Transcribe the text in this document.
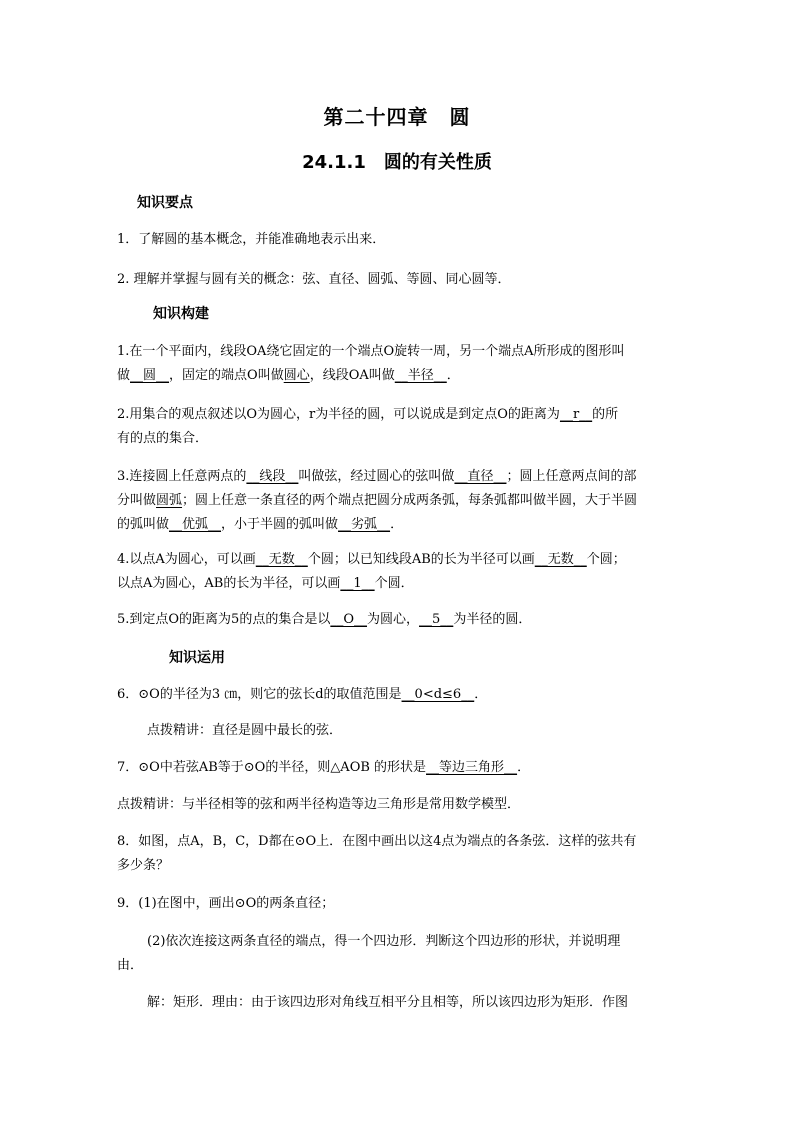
第二十四章　圆
24.1.1　圆的有关性质
知识要点
1．了解圆的基本概念，并能准确地表示出来．
2. 理解并掌握与圆有关的概念：弦、直径、圆弧、等圆、同心圆等．
知识构建
1.在一个平面内，线段OA绕它固定的一个端点O旋转一周，另一个端点A所形成的图形叫
做__圆__，固定的端点O叫做圆心，线段OA叫做__半径__．
2.用集合的观点叙述以O为圆心，r为半径的圆，可以说成是到定点O的距离为__r__的所
有的点的集合．
3.连接圆上任意两点的__线段__叫做弦，经过圆心的弦叫做__直径__；圆上任意两点间的部
分叫做圆弧；圆上任意一条直径的两个端点把圆分成两条弧，每条弧都叫做半圆，大于半圆
的弧叫做__优弧__，小于半圆的弧叫做__劣弧__．
4.以点A为圆心，可以画__无数__个圆；以已知线段AB的长为半径可以画__无数__个圆；
以点A为圆心，AB的长为半径，可以画__1__个圆．
5.到定点O的距离为5的点的集合是以__O__为圆心，__5__为半径的圆．
知识运用
6．⊙O的半径为3 ㎝，则它的弦长d的取值范围是__0<d≤6__．
点拨精讲：直径是圆中最长的弦．
7．⊙O中若弦AB等于⊙O的半径，则△AOB 的形状是__等边三角形__．
点拨精讲：与半径相等的弦和两半径构造等边三角形是常用数学模型．
8．如图，点A，B，C，D都在⊙O上．在图中画出以这4点为端点的各条弦．这样的弦共有
多少条？
9．(1)在图中，画出⊙O的两条直径；
(2)依次连接这两条直径的端点，得一个四边形．判断这个四边形的形状，并说明理
由．
解：矩形．理由：由于该四边形对角线互相平分且相等，所以该四边形为矩形．作图
